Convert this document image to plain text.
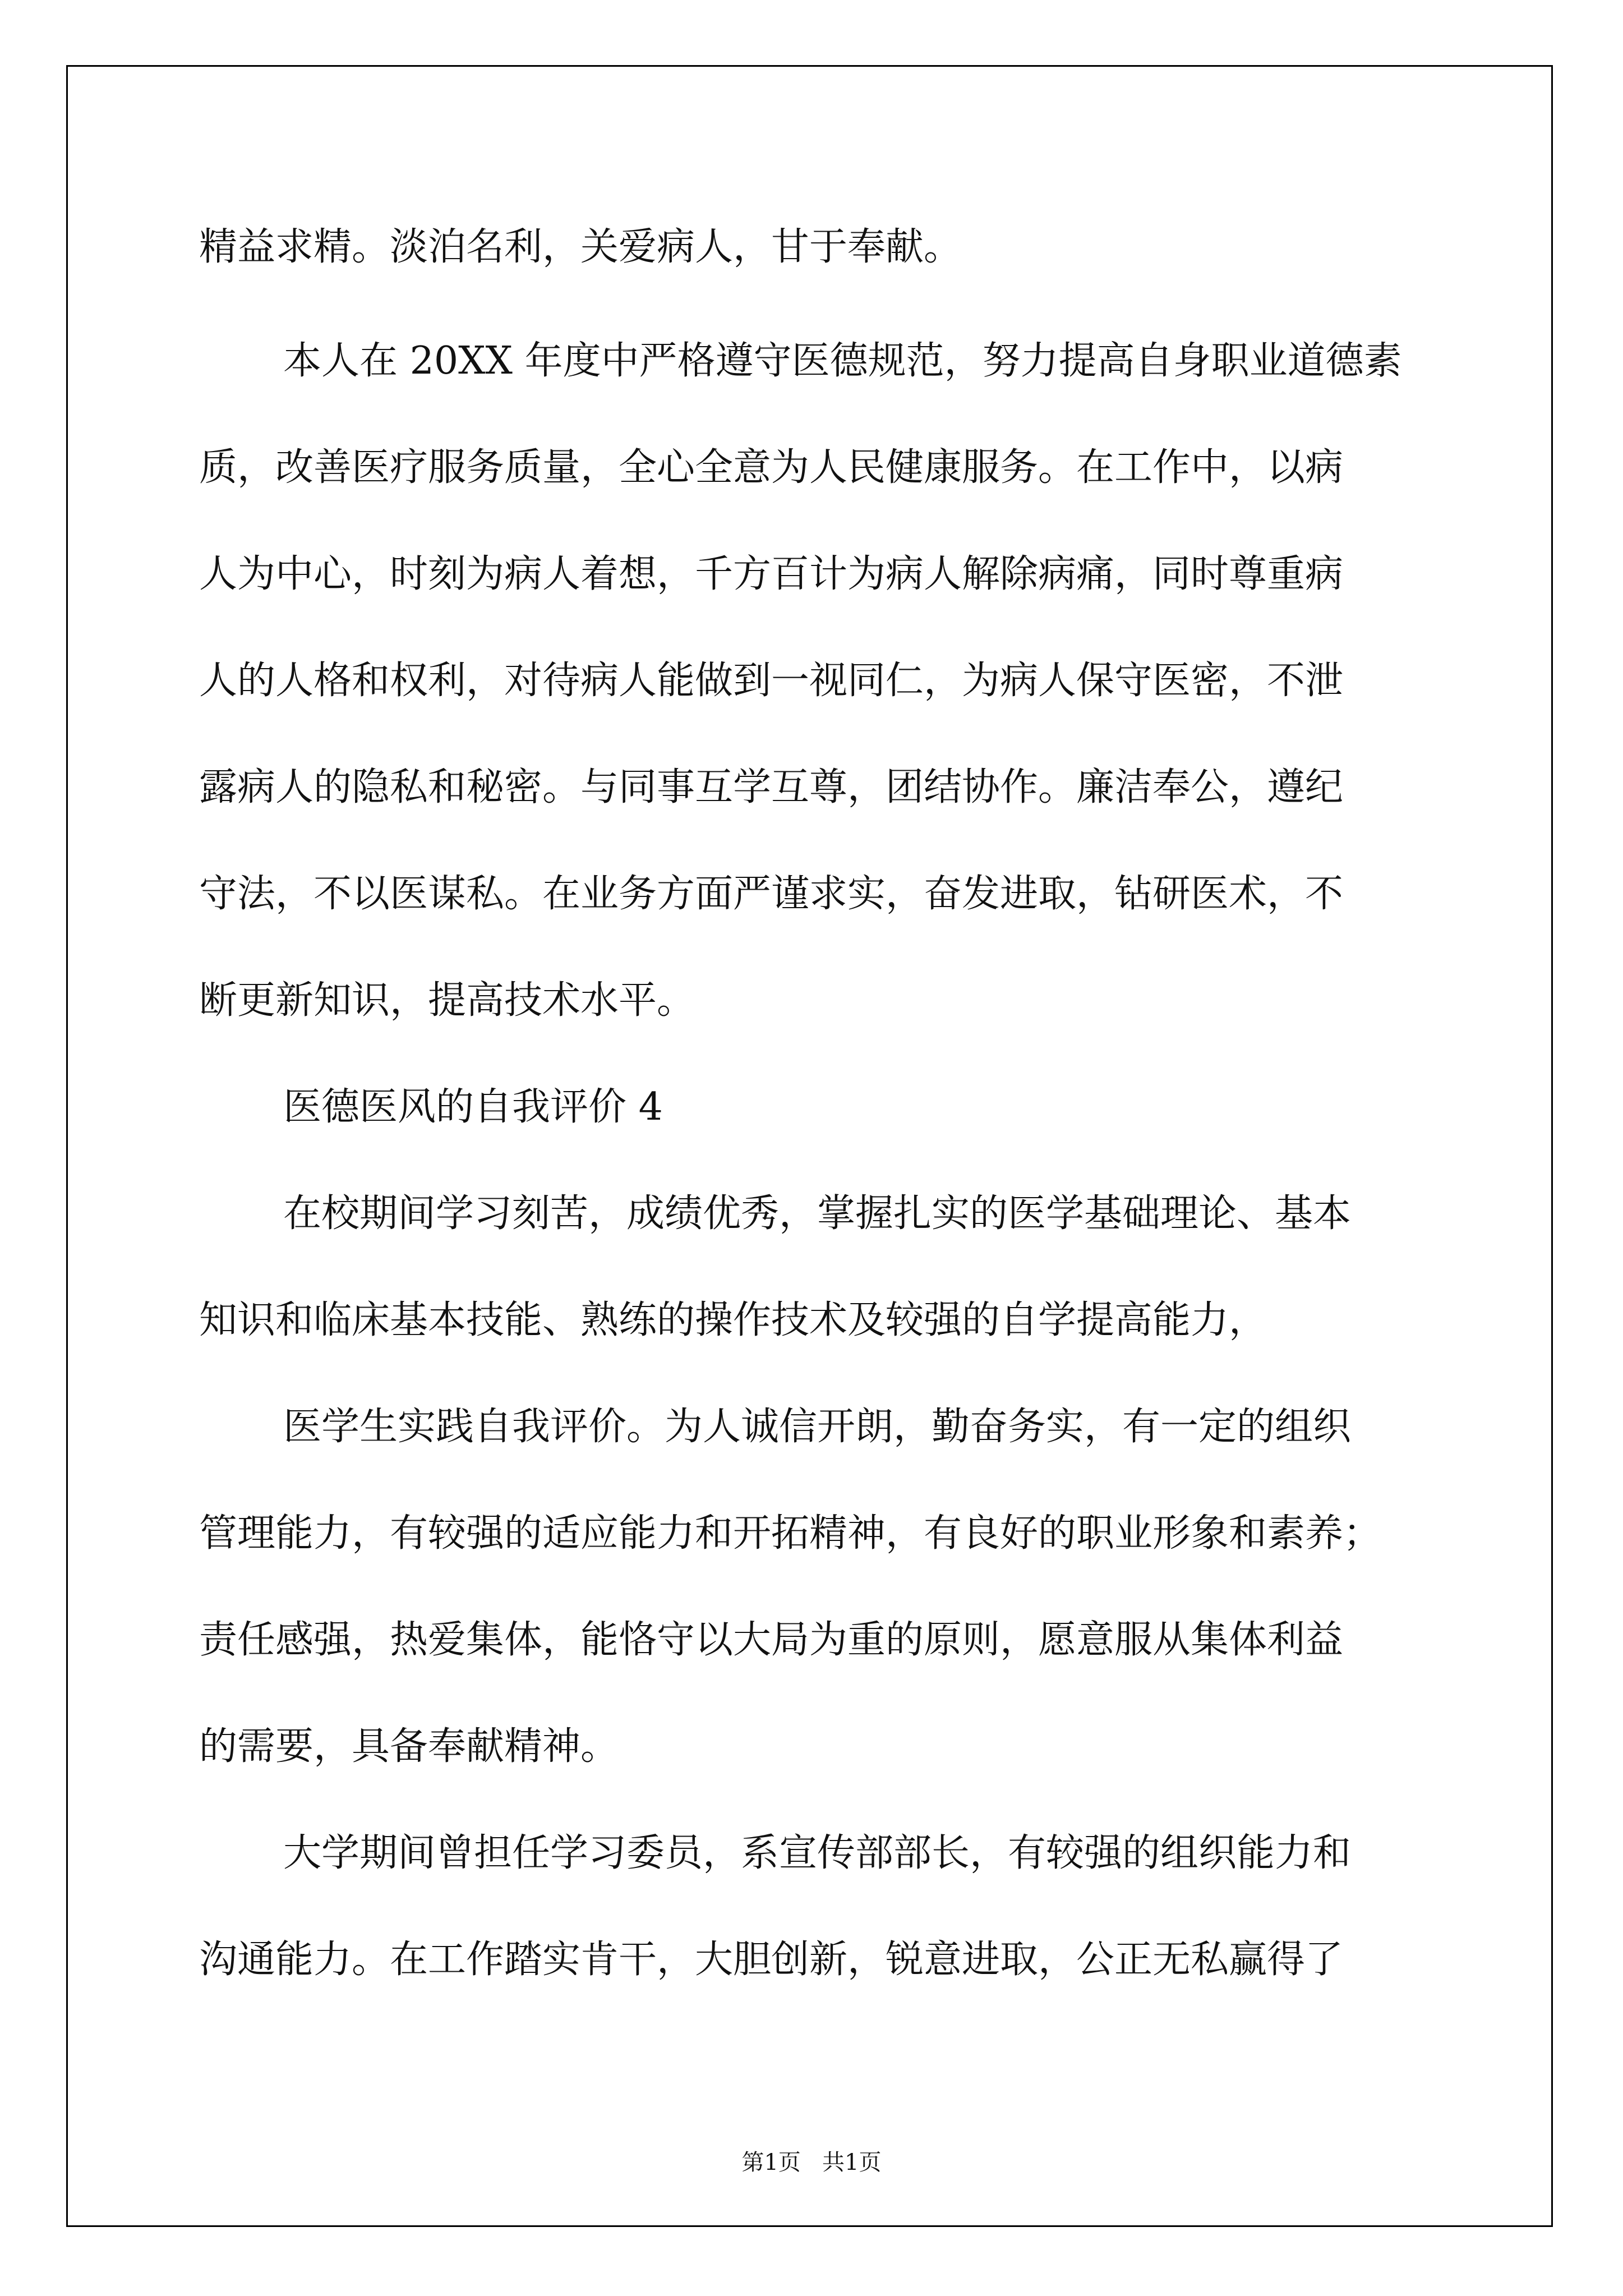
精益求精。淡泊名利，关爱病人，甘于奉献。

本人在 20XX 年度中严格遵守医德规范，努力提高自身职业道德素

质，改善医疗服务质量，全心全意为人民健康服务。在工作中，以病

人为中心，时刻为病人着想，千方百计为病人解除病痛，同时尊重病

人的人格和权利，对待病人能做到一视同仁，为病人保守医密，不泄

露病人的隐私和秘密。与同事互学互尊，团结协作。廉洁奉公，遵纪

守法，不以医谋私。在业务方面严谨求实，奋发进取，钻研医术，不

断更新知识，提高技术水平。

医德医风的自我评价 4

在校期间学习刻苦，成绩优秀，掌握扎实的医学基础理论、基本

知识和临床基本技能、熟练的操作技术及较强的自学提高能力，

医学生实践自我评价。为人诚信开朗，勤奋务实，有一定的组织

管理能力，有较强的适应能力和开拓精神，有良好的职业形象和素养；

责任感强，热爱集体，能恪守以大局为重的原则，愿意服从集体利益

的需要，具备奉献精神。

大学期间曾担任学习委员，系宣传部部长，有较强的组织能力和

沟通能力。在工作踏实肯干，大胆创新，锐意进取，公正无私赢得了

第1页   共1页
